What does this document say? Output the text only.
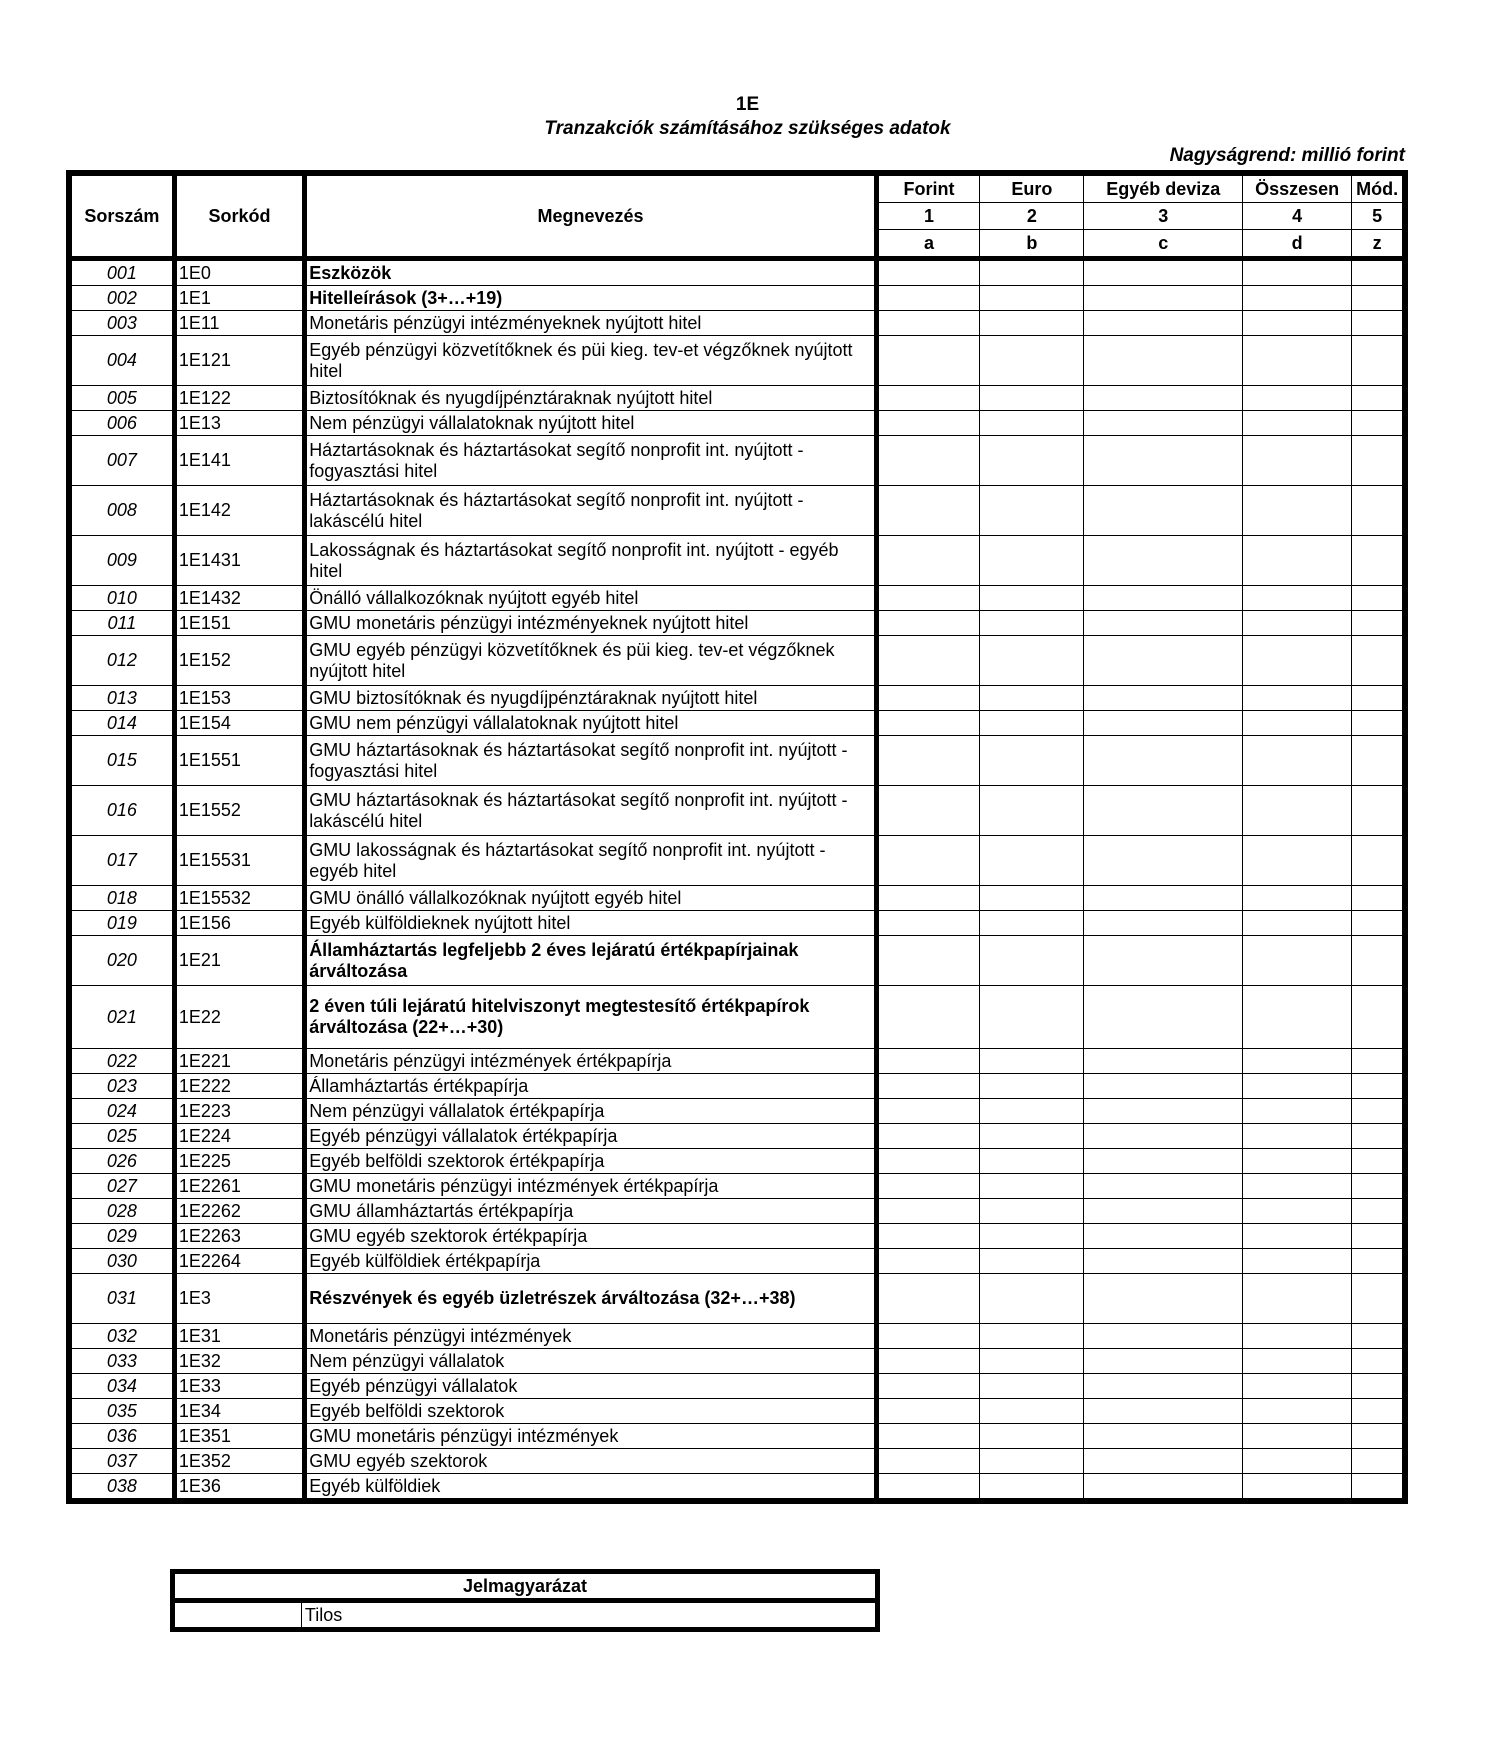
1E
Tranzakciók számításához szükséges adatok
Nagyságrend: millió forint
Sorszám	Sorkód	Megnevezés	Forint	Euro	Egyéb deviza	Összesen	Mód.
			1	2	3	4	5
			a	b	c	d	z
001	1E0	Eszközök					
002	1E1	Hitelleírások (3+…+19)					
003	1E11	Monetáris pénzügyi intézményeknek nyújtott hitel					
004	1E121	Egyéb pénzügyi közvetítőknek és püi kieg. tev-et végzőknek nyújtott hitel					
005	1E122	Biztosítóknak és nyugdíjpénztáraknak nyújtott hitel					
006	1E13	Nem pénzügyi vállalatoknak nyújtott hitel					
007	1E141	Háztartásoknak és háztartásokat segítő nonprofit int. nyújtott - fogyasztási hitel					
008	1E142	Háztartásoknak és háztartásokat segítő nonprofit int. nyújtott - lakáscélú hitel					
009	1E1431	Lakosságnak és háztartásokat segítő nonprofit int. nyújtott - egyéb hitel					
010	1E1432	Önálló vállalkozóknak nyújtott egyéb hitel					
011	1E151	GMU monetáris pénzügyi intézményeknek nyújtott hitel					
012	1E152	GMU egyéb pénzügyi közvetítőknek és püi kieg. tev-et végzőknek nyújtott hitel					
013	1E153	GMU biztosítóknak és nyugdíjpénztáraknak nyújtott hitel					
014	1E154	GMU nem pénzügyi vállalatoknak nyújtott hitel					
015	1E1551	GMU háztartásoknak és háztartásokat segítő nonprofit int. nyújtott - fogyasztási hitel					
016	1E1552	GMU háztartásoknak és háztartásokat segítő nonprofit int. nyújtott - lakáscélú hitel					
017	1E15531	GMU lakosságnak és háztartásokat segítő nonprofit int. nyújtott - egyéb hitel					
018	1E15532	GMU önálló vállalkozóknak nyújtott egyéb hitel					
019	1E156	Egyéb külföldieknek nyújtott hitel					
020	1E21	Államháztartás legfeljebb 2 éves lejáratú értékpapírjainak árváltozása					
021	1E22	2 éven túli lejáratú hitelviszonyt megtestesítő értékpapírok árváltozása (22+…+30)					
022	1E221	Monetáris pénzügyi intézmények értékpapírja					
023	1E222	Államháztartás értékpapírja					
024	1E223	Nem pénzügyi vállalatok értékpapírja					
025	1E224	Egyéb pénzügyi vállalatok értékpapírja					
026	1E225	Egyéb belföldi szektorok értékpapírja					
027	1E2261	GMU monetáris pénzügyi intézmények értékpapírja					
028	1E2262	GMU államháztartás értékpapírja					
029	1E2263	GMU egyéb szektorok értékpapírja					
030	1E2264	Egyéb külföldiek értékpapírja					
031	1E3	Részvények és egyéb üzletrészek árváltozása (32+…+38)					
032	1E31	Monetáris pénzügyi intézmények					
033	1E32	Nem pénzügyi vállalatok					
034	1E33	Egyéb pénzügyi vállalatok					
035	1E34	Egyéb belföldi szektorok					
036	1E351	GMU monetáris pénzügyi intézmények					
037	1E352	GMU egyéb szektorok					
038	1E36	Egyéb külföldiek					
Jelmagyarázat
	Tilos
